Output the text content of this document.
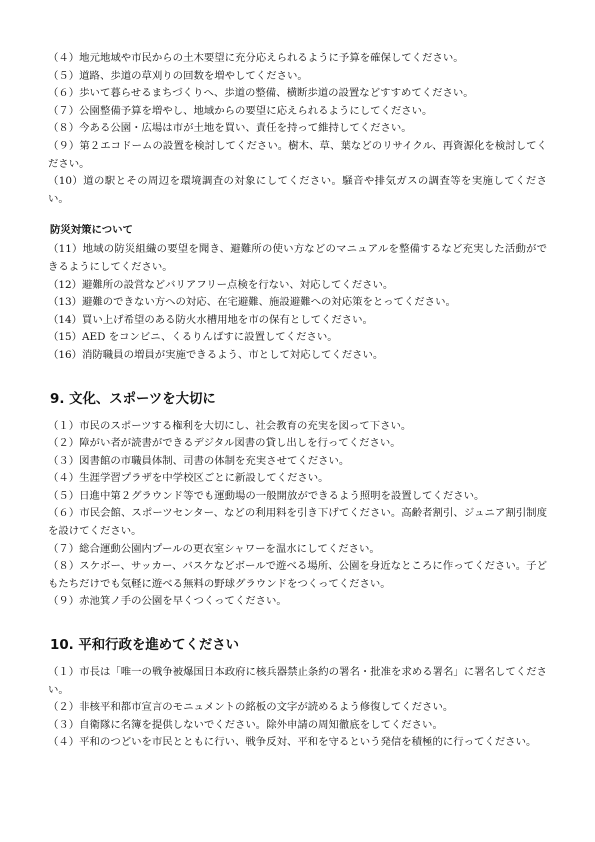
（４）地元地域や市民からの土木要望に充分応えられるように予算を確保してください。

（５）道路、歩道の草刈りの回数を増やしてください。

（６）歩いて暮らせるまちづくりへ、歩道の整備、横断歩道の設置などすすめてください。

（７）公園整備予算を増やし、地域からの要望に応えられるようにしてください。

（８）今ある公園・広場は市が土地を買い、責任を持って維持してください。

（９）第２エコドームの設置を検討してください。樹木、草、葉などのリサイクル、再資源化を検討してください。

（10）道の駅とその周辺を環境調査の対象にしてください。騒音や排気ガスの調査等を実施してください。

防災対策について

（11）地域の防災組織の要望を聞き、避難所の使い方などのマニュアルを整備するなど充実した活動ができるようにしてください。

（12）避難所の設営などバリアフリー点検を行ない、対応してください。

（13）避難のできない方への対応、在宅避難、施設避難への対応策をとってください。

（14）買い上げ希望のある防火水槽用地を市の保有としてください。

（15）AED をコンビニ、くるりんばすに設置してください。

（16）消防職員の増員が実施できるよう、市として対応してください。

9. 文化、スポーツを大切に

（１）市民のスポーツする権利を大切にし、社会教育の充実を図って下さい。

（２）障がい者が読書ができるデジタル図書の貸し出しを行ってください。

（３）図書館の市職員体制、司書の体制を充実させてください。

（４）生涯学習プラザを中学校区ごとに新設してください。

（５）日進中第２グラウンド等でも運動場の一般開放ができるよう照明を設置してください。

（６）市民会館、スポーツセンター、などの利用料を引き下げてください。高齢者割引、ジュニア割引制度を設けてください。

（７）総合運動公園内プールの更衣室シャワーを温水にしてください。

（８）スケボー、サッカー、バスケなどボールで遊べる場所、公園を身近なところに作ってください。子どもたちだけでも気軽に遊べる無料の野球グラウンドをつくってください。

（９）赤池箕ノ手の公園を早くつくってください。

10. 平和行政を進めてください

（１）市長は「唯一の戦争被爆国日本政府に核兵器禁止条約の署名・批准を求める署名」に署名してください。

（２）非核平和都市宣言のモニュメントの銘板の文字が読めるよう修復してください。

（３）自衛隊に名簿を提供しないでください。除外申請の周知徹底をしてください。

（４）平和のつどいを市民とともに行い、戦争反対、平和を守るという発信を積極的に行ってください。
